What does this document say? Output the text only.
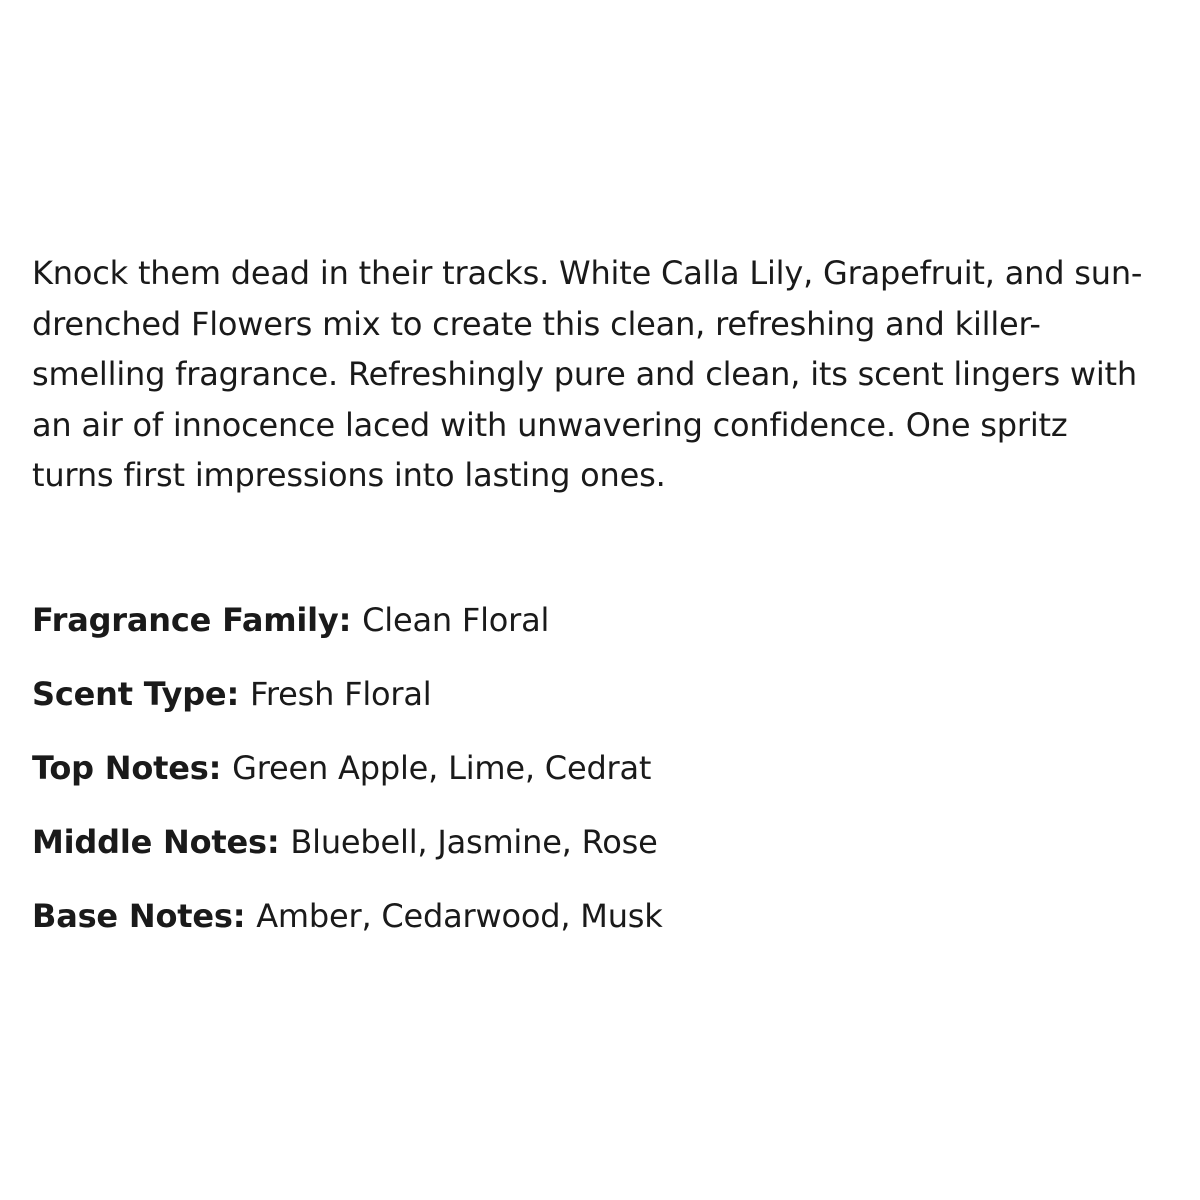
Knock them dead in their tracks. White Calla Lily, Grapefruit, and sun-
drenched Flowers mix to create this clean, refreshing and killer-
smelling fragrance. Refreshingly pure and clean, its scent lingers with
an air of innocence laced with unwavering confidence. One spritz
turns first impressions into lasting ones.

Fragrance Family: Clean Floral
Scent Type: Fresh Floral
Top Notes: Green Apple, Lime, Cedrat
Middle Notes: Bluebell, Jasmine, Rose
Base Notes: Amber, Cedarwood, Musk
